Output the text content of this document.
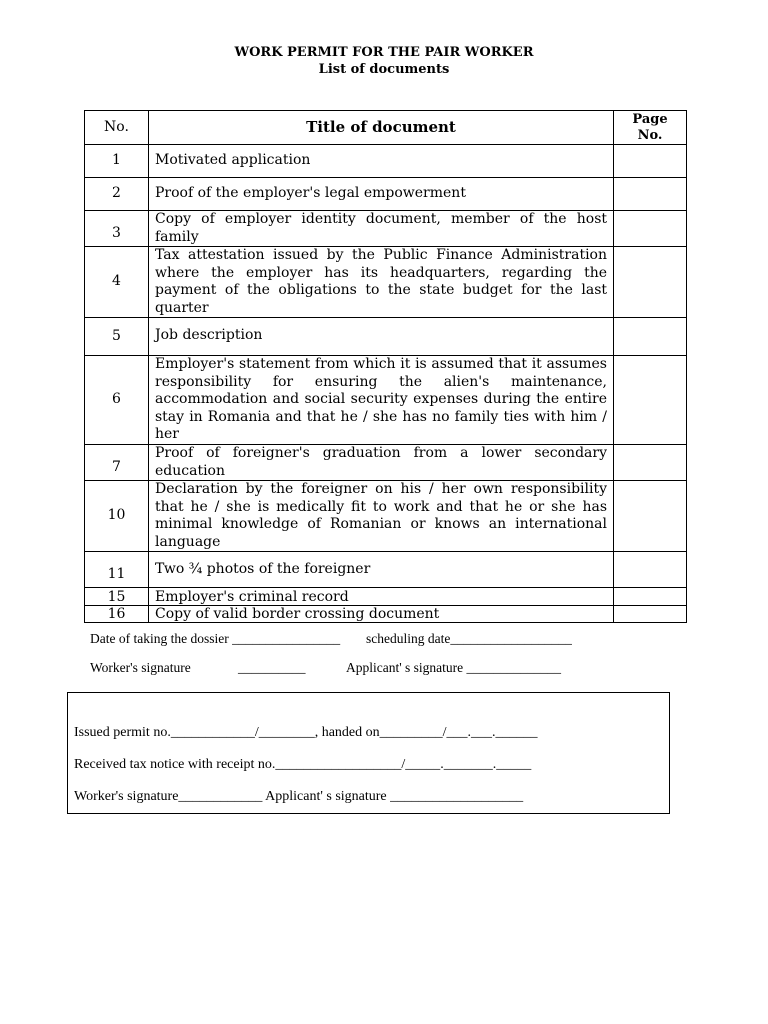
WORK PERMIT FOR THE PAIR WORKER
List of documents
No.	Title of document	Page No.
1	Motivated application	
2	Proof of the employer's legal empowerment	
3	Copy of employer identity document, member of the host family	
4	Tax attestation issued by the Public Finance Administration where the employer has its headquarters, regarding the payment of the obligations to the state budget for the last quarter	
5	Job description	
6	Employer's statement from which it is assumed that it assumes responsibility for ensuring the alien's maintenance, accommodation and social security expenses during the entire stay in Romania and that he / she has no family ties with him / her	
7	Proof of foreigner's graduation from a lower secondary education	
10	Declaration by the foreigner on his / her own responsibility that he / she is medically fit to work and that he or she has minimal knowledge of Romanian or knows an international language	
11	Two ¾ photos of the foreigner	
15	Employer's criminal record	
16	Copy of valid border crossing document	
Date of taking the dossier ________________ scheduling date__________________
Worker's signature	__________	Applicant' s signature ______________
Issued permit no.____________/________, handed on_________/___.___.______
Received tax notice with receipt no.__________________/_____._______._____
Worker's signature____________ Applicant' s signature ___________________
